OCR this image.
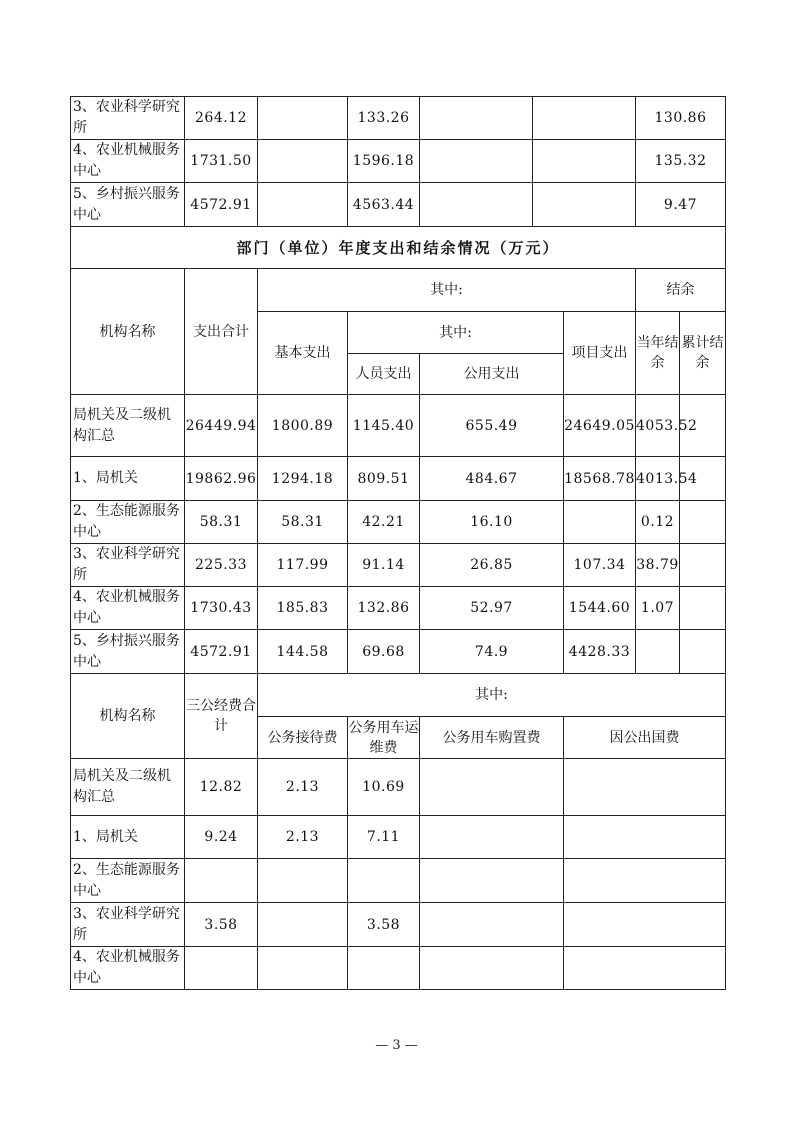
3、农业科学研究所	264.12		133.26				130.86	
4、农业机械服务中心	1731.50		1596.18				135.32	
5、乡村振兴服务中心	4572.91		4563.44				9.47	
部门（单位）年度支出和结余情况（万元）								
机构名称	支出合计	其中:					结余	
		基本支出	其中:			项目支出	当年结余	累计结余
			人员支出	公用支出				
局机关及二级机构汇总	26449.94	1800.89	1145.40	655.49		24649.05	4053.52	
1、局机关	19862.96	1294.18	809.51	484.67		18568.78	4013.54	
2、生态能源服务中心	58.31	58.31	42.21	16.10			0.12	
3、农业科学研究所	225.33	117.99	91.14	26.85		107.34	38.79	
4、农业机械服务中心	1730.43	185.83	132.86	52.97		1544.60	1.07	
5、乡村振兴服务中心	4572.91	144.58	69.68	74.9		4428.33		
机构名称	三公经费合计	其中:						
		公务接待费	公务用车运维费	公务用车购置费		因公出国费		
局机关及二级机构汇总	12.82	2.13	10.69					
1、局机关	9.24	2.13	7.11					
2、生态能源服务中心								
3、农业科学研究所	3.58		3.58					
4、农业机械服务中心								
— 3 —
